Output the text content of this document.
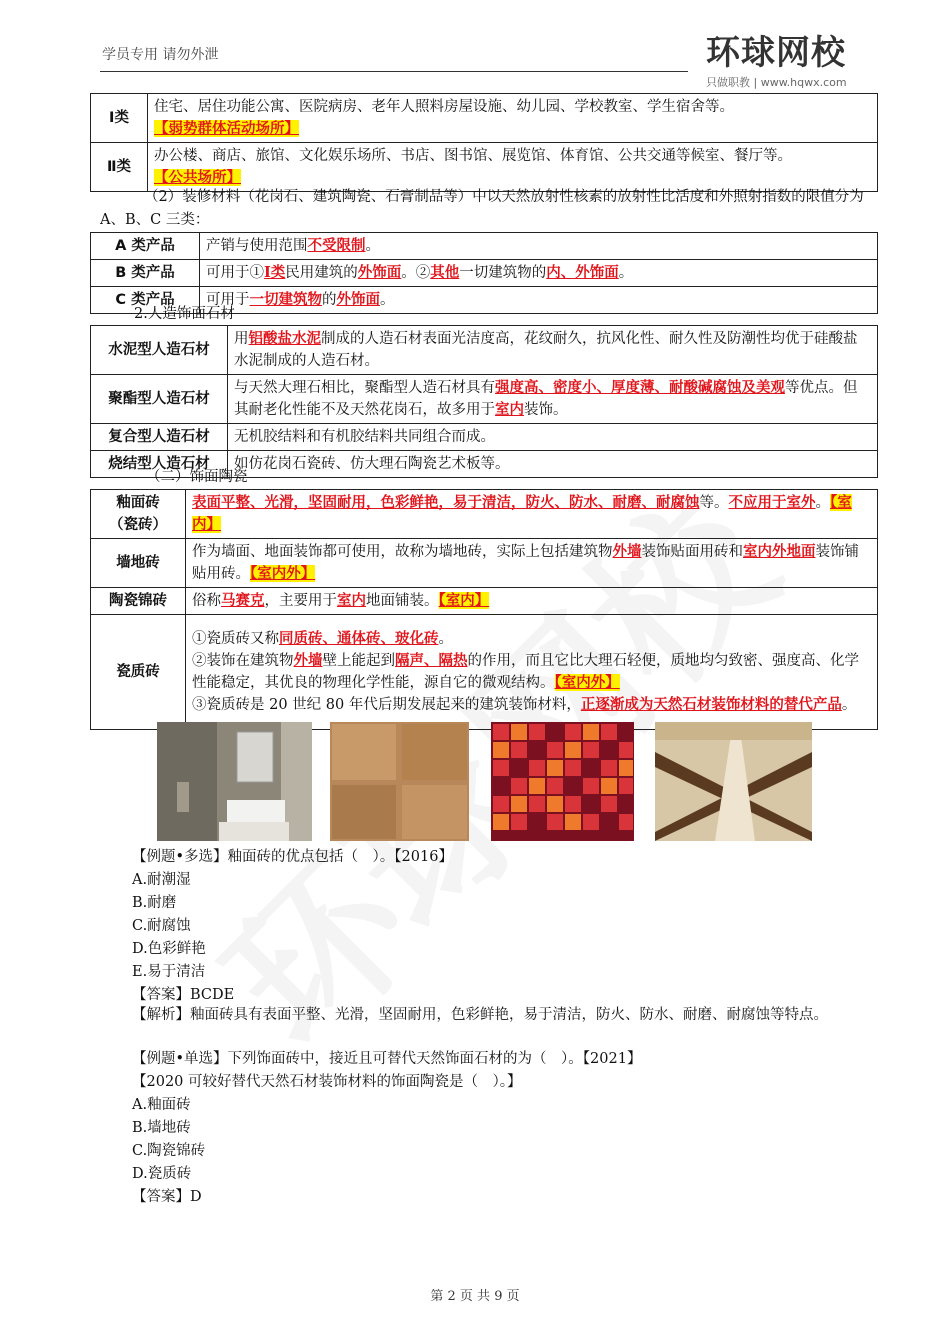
学员专用 请勿外泄	环球网校
只做职教 | www.hqwx.com
Ⅰ类	住宅、居住功能公寓、医院病房、老年人照料房屋设施、幼儿园、学校教室、学生宿舍等。
【弱势群体活动场所】
Ⅱ类	办公楼、商店、旅馆、文化娱乐场所、书店、图书馆、展览馆、体育馆、公共交通等候室、餐厅等。【公共场所】
（2）装修材料（花岗石、建筑陶瓷、石膏制品等）中以天然放射性核素的放射性比活度和外照射指数的限值分为 A、B、C 三类：
A 类产品	产销与使用范围不受限制。
B 类产品	可用于①Ⅰ类民用建筑的外饰面。②其他一切建筑物的内、外饰面。
C 类产品	可用于一切建筑物的外饰面。
2.人造饰面石材
水泥型人造石材	用铝酸盐水泥制成的人造石材表面光洁度高，花纹耐久，抗风化性、耐久性及防潮性均优于硅酸盐水泥制成的人造石材。
聚酯型人造石材	与天然大理石相比，聚酯型人造石材具有强度高、密度小、厚度薄、耐酸碱腐蚀及美观等优点。但其耐老化性能不及天然花岗石，故多用于室内装饰。
复合型人造石材	无机胶结料和有机胶结料共同组合而成。
烧结型人造石材	如仿花岗石瓷砖、仿大理石陶瓷艺术板等。
（二）饰面陶瓷
釉面砖
（瓷砖）	表面平整、光滑，坚固耐用，色彩鲜艳，易于清洁，防火、防水、耐磨、耐腐蚀等。不应用于室外。【室内】
墙地砖	作为墙面、地面装饰都可使用，故称为墙地砖，实际上包括建筑物外墙装饰贴面用砖和室内外地面装饰铺贴用砖。【室内外】
陶瓷锦砖	俗称马赛克，主要用于室内地面铺装。【室内】
瓷质砖	①瓷质砖又称同质砖、通体砖、玻化砖。
②装饰在建筑物外墙壁上能起到隔声、隔热的作用，而且它比大理石轻便，质地均匀致密、强度高、化学性能稳定，其优良的物理化学性能，源自它的微观结构。【室内外】
③瓷质砖是 20 世纪 80 年代后期发展起来的建筑装饰材料，正逐渐成为天然石材装饰材料的替代产品。
【例题•多选】釉面砖的优点包括（　）。【2016】
A.耐潮湿
B.耐磨
C.耐腐蚀
D.色彩鲜艳
E.易于清洁
【答案】BCDE
【解析】釉面砖具有表面平整、光滑，坚固耐用，色彩鲜艳，易于清洁，防火、防水、耐磨、耐腐蚀等特点。
【例题•单选】下列饰面砖中，接近且可替代天然饰面石材的为（　）。【2021】
【2020 可较好替代天然石材装饰材料的饰面陶瓷是（　）。】
A.釉面砖
B.墙地砖
C.陶瓷锦砖
D.瓷质砖
【答案】D
第 2 页 共 9 页
